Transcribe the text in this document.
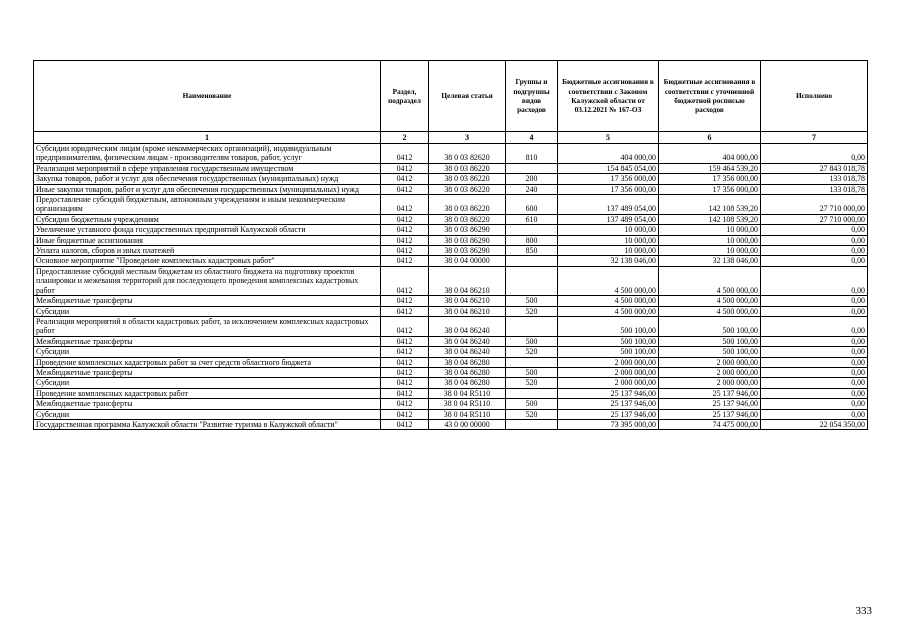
Наименование	Раздел, подраздел	Целевая статья	Группы и подгруппы видов расходов	Бюджетные ассигнования в соответствии с Законом Калужской области от 03.12.2021 № 167-ОЗ	Бюджетные ассигнования в соответствии с уточненной бюджетной росписью расходов	Исполнено
1	2	3	4	5	6	7
Субсидии юридическим лицам (кроме некоммерческих организаций), индивидуальным предпринимателям, физическим лицам - производителям товаров, работ, услуг	0412	38 0 03 82620	810	404 000,00	404 000,00	0,00
Реализация мероприятий в сфере управления государственным имуществом	0412	38 0 03 86220		154 845 054,00	159 464 539,20	27 843 018,78
Закупка товаров, работ и услуг для обеспечения государственных (муниципальных) нужд	0412	38 0 03 86220	200	17 356 000,00	17 356 000,00	133 018,78
Иные закупки товаров, работ и услуг для обеспечения государственных (муниципальных) нужд	0412	38 0 03 86220	240	17 356 000,00	17 356 000,00	133 018,78
Предоставление субсидий бюджетным, автономным учреждениям и иным некоммерческим организациям	0412	38 0 03 86220	600	137 489 054,00	142 108 539,20	27 710 000,00
Субсидии бюджетным учреждениям	0412	38 0 03 86220	610	137 489 054,00	142 108 539,20	27 710 000,00
Увеличение уставного фонда государственных предприятий Калужской области	0412	38 0 03 86290		10 000,00	10 000,00	0,00
Иные бюджетные ассигнования	0412	38 0 03 86290	800	10 000,00	10 000,00	0,00
Уплата налогов, сборов и иных платежей	0412	38 0 03 86290	850	10 000,00	10 000,00	0,00
Основное мероприятие "Проведение комплексных кадастровых работ"	0412	38 0 04 00000		32 138 046,00	32 138 046,00	0,00
Предоставление субсидий местным бюджетам из областного бюджета на подготовку проектов планировки и межевания территорий для последующего проведения комплексных кадастровых работ	0412	38 0 04 86210		4 500 000,00	4 500 000,00	0,00
Межбюджетные трансферты	0412	38 0 04 86210	500	4 500 000,00	4 500 000,00	0,00
Субсидии	0412	38 0 04 86210	520	4 500 000,00	4 500 000,00	0,00
Реализация мероприятий в области кадастровых работ, за исключением комплексных кадастровых работ	0412	38 0 04 86240		500 100,00	500 100,00	0,00
Межбюджетные трансферты	0412	38 0 04 86240	500	500 100,00	500 100,00	0,00
Субсидии	0412	38 0 04 86240	520	500 100,00	500 100,00	0,00
Проведение комплексных кадастровых работ за счет средств областного бюджета	0412	38 0 04 86280		2 000 000,00	2 000 000,00	0,00
Межбюджетные трансферты	0412	38 0 04 86280	500	2 000 000,00	2 000 000,00	0,00
Субсидии	0412	38 0 04 86280	520	2 000 000,00	2 000 000,00	0,00
Проведение комплексных кадастровых работ	0412	38 0 04 R5110		25 137 946,00	25 137 946,00	0,00
Межбюджетные трансферты	0412	38 0 04 R5110	500	25 137 946,00	25 137 946,00	0,00
Субсидии	0412	38 0 04 R5110	520	25 137 946,00	25 137 946,00	0,00
Государственная программа Калужской области "Развитие туризма в Калужской области"	0412	43 0 00 00000		73 395 000,00	74 475 000,00	22 054 350,00
333
